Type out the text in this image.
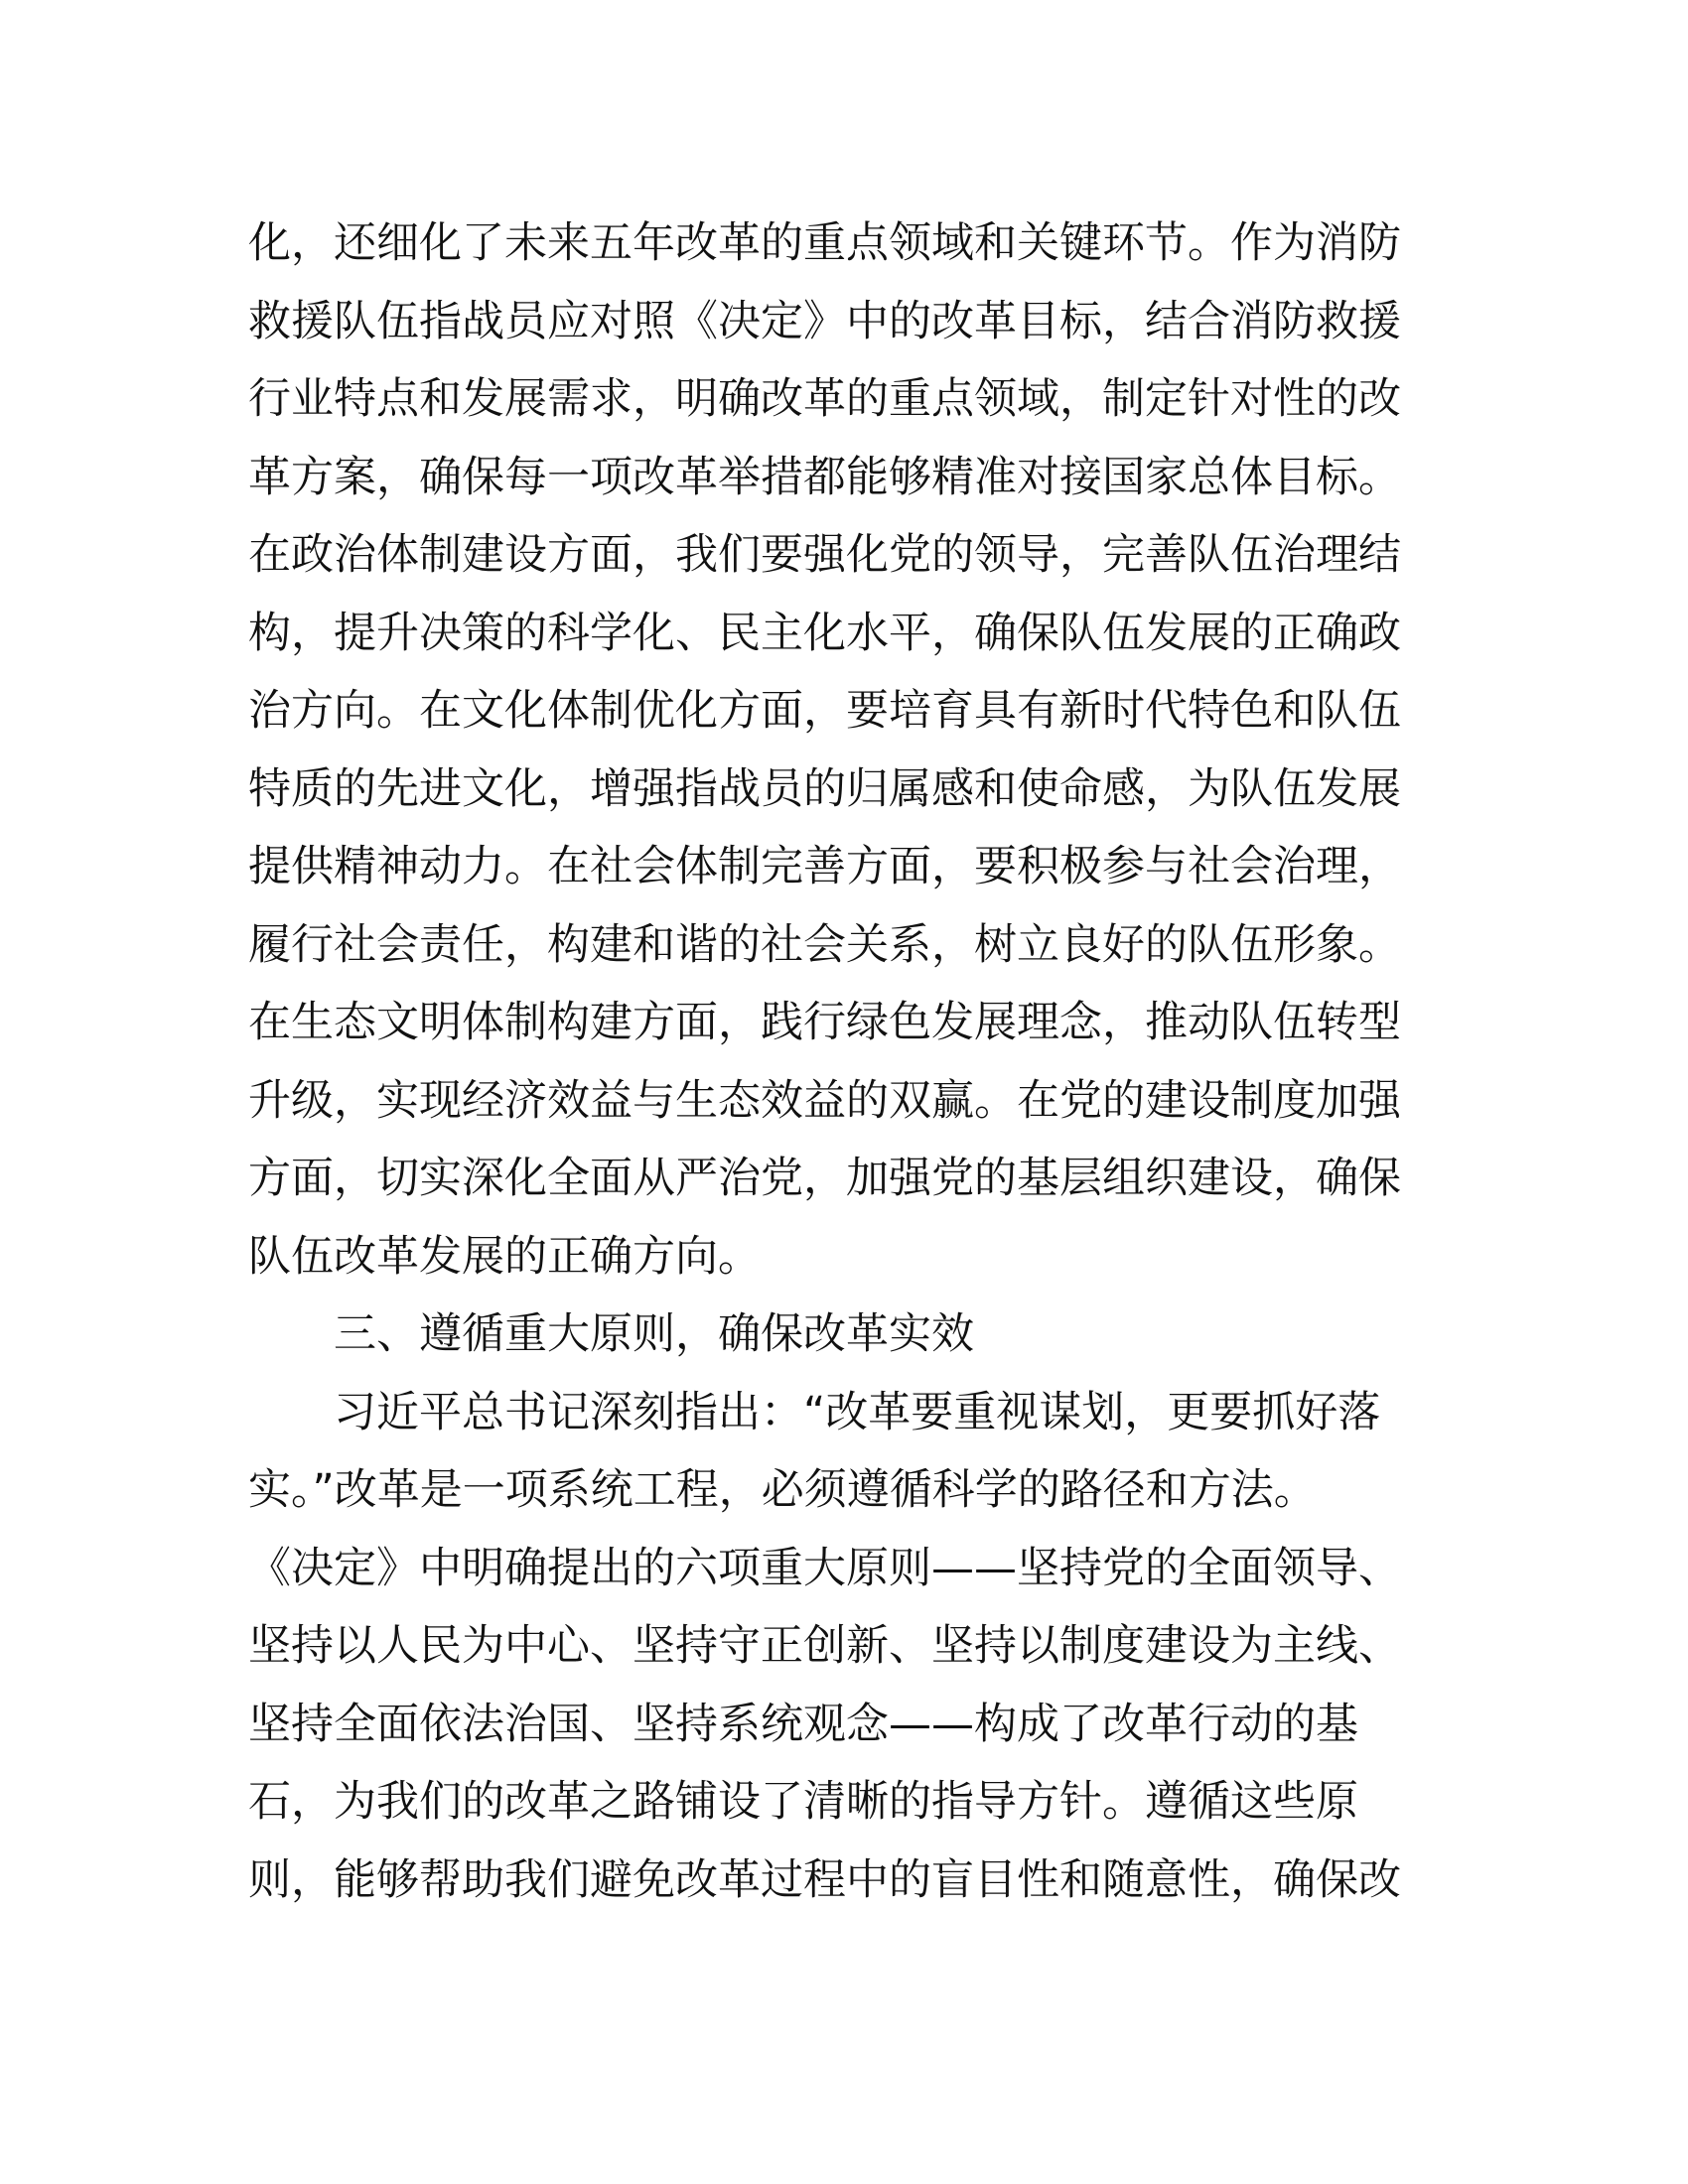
化，还细化了未来五年改革的重点领域和关键环节。作为消防
救援队伍指战员应对照《决定》中的改革目标，结合消防救援
行业特点和发展需求，明确改革的重点领域，制定针对性的改
革方案，确保每一项改革举措都能够精准对接国家总体目标。
在政治体制建设方面，我们要强化党的领导，完善队伍治理结
构，提升决策的科学化、民主化水平，确保队伍发展的正确政
治方向。在文化体制优化方面，要培育具有新时代特色和队伍
特质的先进文化，增强指战员的归属感和使命感，为队伍发展
提供精神动力。在社会体制完善方面，要积极参与社会治理，
履行社会责任，构建和谐的社会关系，树立良好的队伍形象。
在生态文明体制构建方面，践行绿色发展理念，推动队伍转型
升级，实现经济效益与生态效益的双赢。在党的建设制度加强
方面，切实深化全面从严治党，加强党的基层组织建设，确保
队伍改革发展的正确方向。
三、遵循重大原则，确保改革实效
习近平总书记深刻指出：“改革要重视谋划，更要抓好落
实。”改革是一项系统工程，必须遵循科学的路径和方法。
《决定》中明确提出的六项重大原则——坚持党的全面领导、
坚持以人民为中心、坚持守正创新、坚持以制度建设为主线、
坚持全面依法治国、坚持系统观念——构成了改革行动的基
石，为我们的改革之路铺设了清晰的指导方针。遵循这些原
则，能够帮助我们避免改革过程中的盲目性和随意性，确保改
